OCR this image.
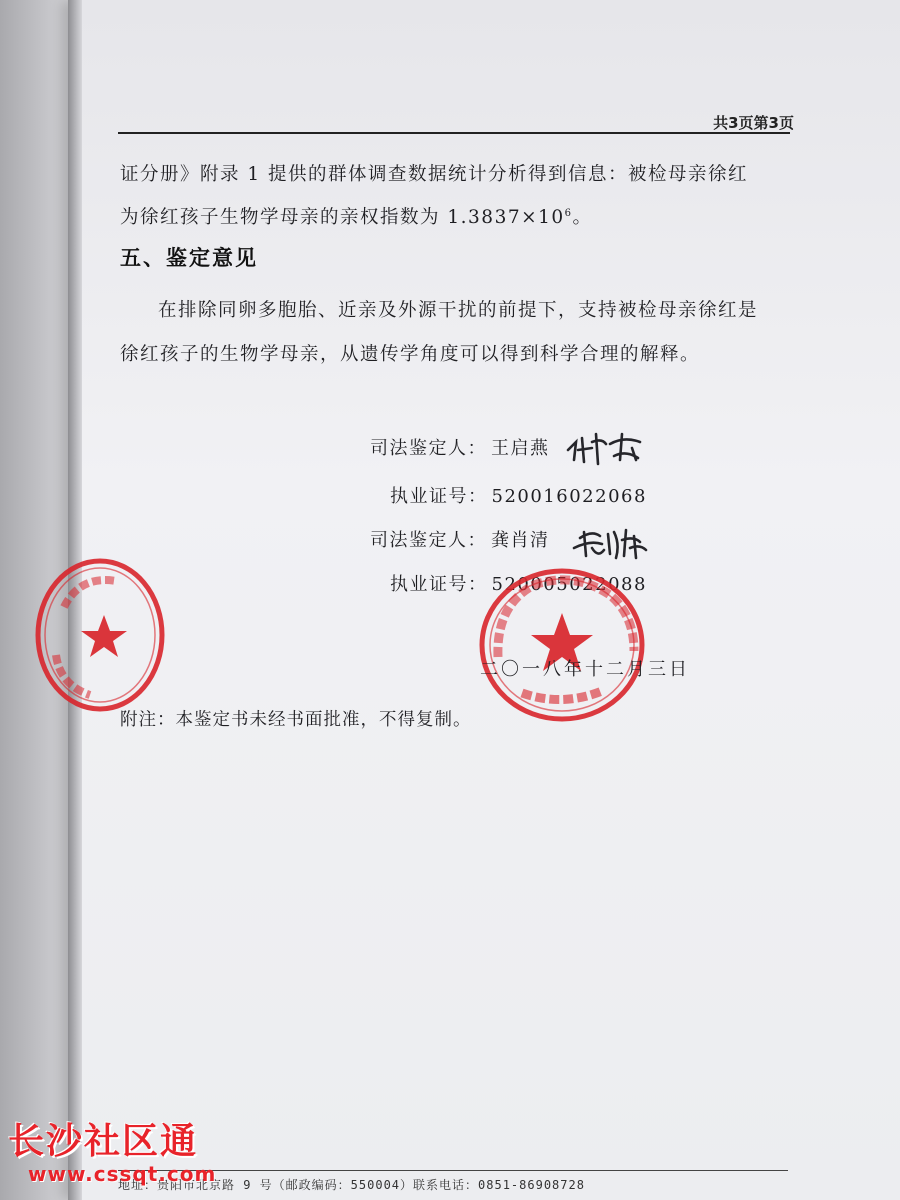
共3页第3页
证分册》附录 1 提供的群体调查数据统计分析得到信息：被检母亲徐红
为徐红孩子生物学母亲的亲权指数为 $1.3837\times 10^6$。
五、鉴定意见
在排除同卵多胞胎、近亲及外源干扰的前提下，支持被检母亲徐红是
徐红孩子的生物学母亲，从遗传学角度可以得到科学合理的解释。
司法鉴定人： 王启燕
执业证号： 520016022068
司法鉴定人： 龚肖清
执业证号： 520005022088
二〇一八年十二月三日
附注：本鉴定书未经书面批准，不得复制。
地址：贵阳市北京路 9 号（邮政编码：550004）联系电话：0851-86908728
长沙社区通
www.cssqt.com
